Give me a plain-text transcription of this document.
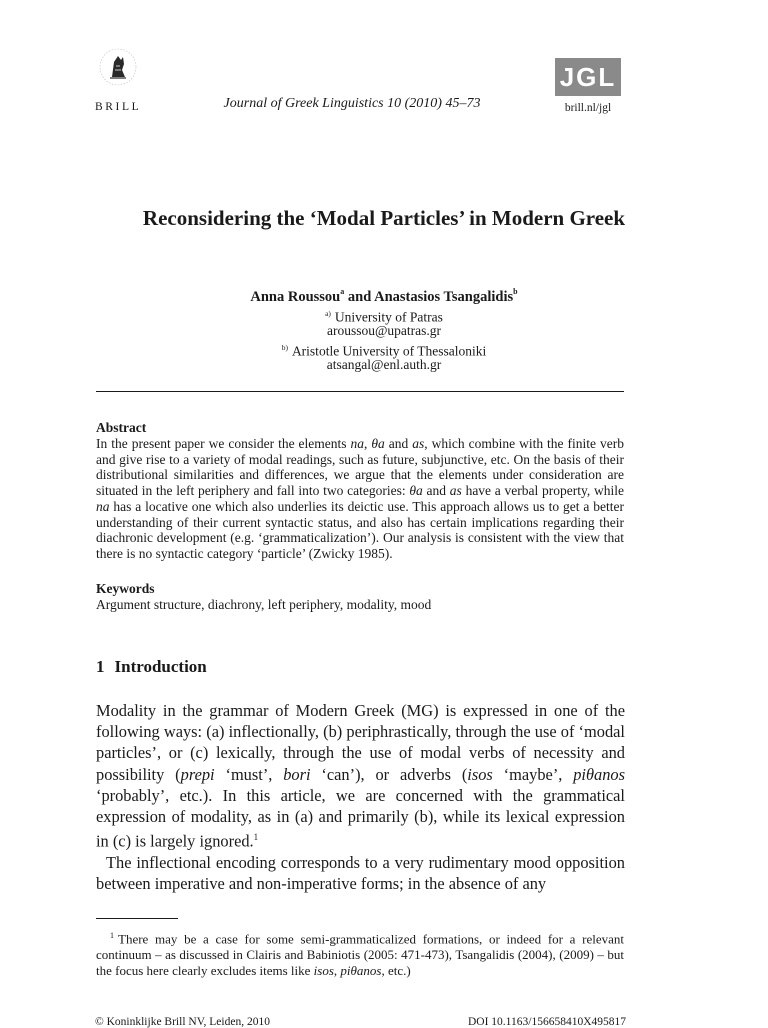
BRILL	Journal of Greek Linguistics 10 (2010) 45–73
JGL
brill.nl/jgl
Reconsidering the ‘Modal Particles’ in Modern Greek
Anna Roussou$^a$ and Anastasios Tsangalidis$^b$
$^{a)}$ University of Patras
aroussou@upatras.gr
$^{b)}$ Aristotle University of Thessaloniki
atsangal@enl.auth.gr
Abstract
In the present paper we consider the elements na, θa and as, which combine with the finite verb and give rise to a variety of modal readings, such as future, subjunctive, etc. On the basis of their distributional similarities and differences, we argue that the elements under consideration are situated in the left periphery and fall into two categories: θa and as have a verbal property, while na has a locative one which also underlies its deictic use. This approach allows us to get a better understanding of their current syntactic status, and also has certain implications regarding their diachronic development (e.g. ‘grammaticalization’). Our analysis is consistent with the view that there is no syntactic category ‘particle’ (Zwicky 1985).
Keywords
Argument structure, diachrony, left periphery, modality, mood
1 Introduction

Modality in the grammar of Modern Greek (MG) is expressed in one of the following ways: (a) inflectionally, (b) periphrastically, through the use of ‘modal particles’, or (c) lexically, through the use of modal verbs of necessity and possibility (prepi ‘must’, bori ‘can’), or adverbs (isos ‘maybe’, piθanos ‘probably’, etc.). In this article, we are concerned with the grammatical expression of modality, as in (a) and primarily (b), while its lexical expression in (c) is largely ignored.$^1$

The inflectional encoding corresponds to a very rudimentary mood opposition between imperative and non-imperative forms; in the absence of any

$^1$ There may be a case for some semi-grammaticalized formations, or indeed for a relevant continuum – as discussed in Clairis and Babiniotis (2005: 471-473), Tsangalidis (2004), (2009) – but the focus here clearly excludes items like isos, piθanos, etc.)
© Koninklijke Brill NV, Leiden, 2010	DOI 10.1163/156658410X495817
